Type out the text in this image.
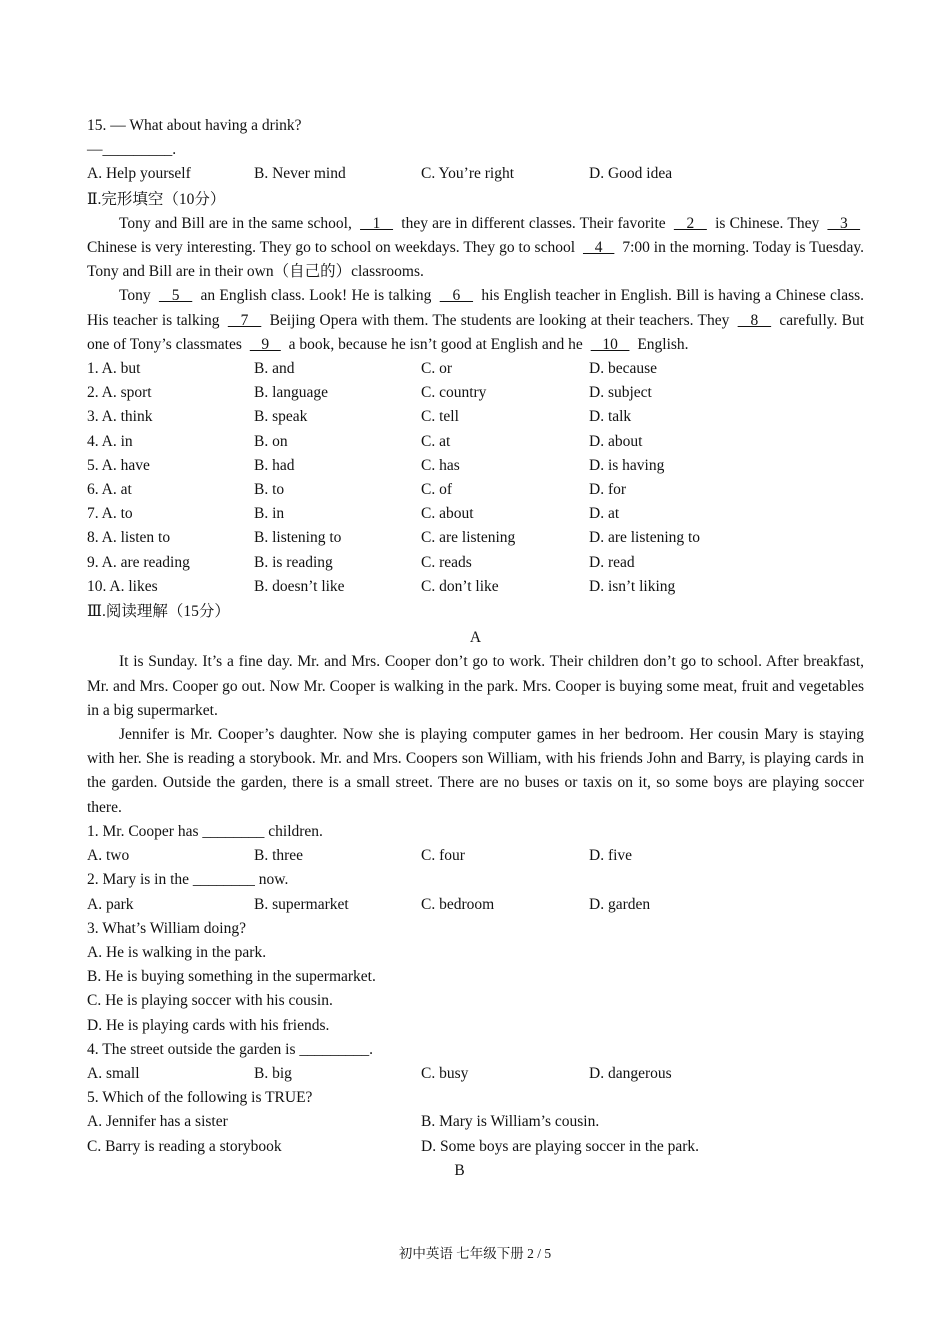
15. — What about having a drink?
—_________.
A. Help yourself	B. Never mind	C. You’re right	D. Good idea
Ⅱ.完形填空（10分）
Tony and Bill are in the same school,    1    they are in different classes. Their favorite    2    is Chinese. They    3    Chinese is very interesting. They go to school on weekdays. They go to school    4    7:00 in the morning. Today is Tuesday. Tony and Bill are in their own（自己的）classrooms.
Tony    5    an English class. Look! He is talking    6    his English teacher in English. Bill is having a Chinese class. His teacher is talking    7    Beijing Opera with them. The students are looking at their teachers. They    8    carefully. But one of Tony’s classmates    9    a book, because he isn’t good at English and he    10    English.
1. A. but	B. and	C. or	D. because
2. A. sport	B. language	C. country	D. subject
3. A. think	B. speak	C. tell	D. talk
4. A. in	B. on	C. at	D. about
5. A. have	B. had	C. has	D. is having
6. A. at	B. to	C. of	D. for
7. A. to	B. in	C. about	D. at
8. A. listen to	B. listening to	C. are listening	D. are listening to
9. A. are reading	B. is reading	C. reads	D. read
10. A. likes	B. doesn’t like	C. don’t like	D. isn’t liking
Ⅲ.阅读理解（15分）
A
It is Sunday. It’s a fine day. Mr. and Mrs. Cooper don’t go to work. Their children don’t go to school. After breakfast, Mr. and Mrs. Cooper go out. Now Mr. Cooper is walking in the park. Mrs. Cooper is buying some meat, fruit and vegetables in a big supermarket.
Jennifer is Mr. Cooper’s daughter. Now she is playing computer games in her bedroom. Her cousin Mary is staying with her. She is reading a storybook. Mr. and Mrs. Coopers son William, with his friends John and Barry, is playing cards in the garden. Outside the garden, there is a small street. There are no buses or taxis on it, so some boys are playing soccer there.
1. Mr. Cooper has ________ children.
A. two	B. three	C. four	D. five
2. Mary is in the ________ now.
A. park	B. supermarket	C. bedroom	D. garden
3. What’s William doing?
A. He is walking in the park.
B. He is buying something in the supermarket.
C. He is playing soccer with his cousin.
D. He is playing cards with his friends.
4. The street outside the garden is _________.
A. small	B. big	C. busy	D. dangerous
5. Which of the following is TRUE?
A. Jennifer has a sister	B. Mary is William’s cousin.
C. Barry is reading a storybook	D. Some boys are playing soccer in the park.
B
初中英语 七年级下册 2 / 5
